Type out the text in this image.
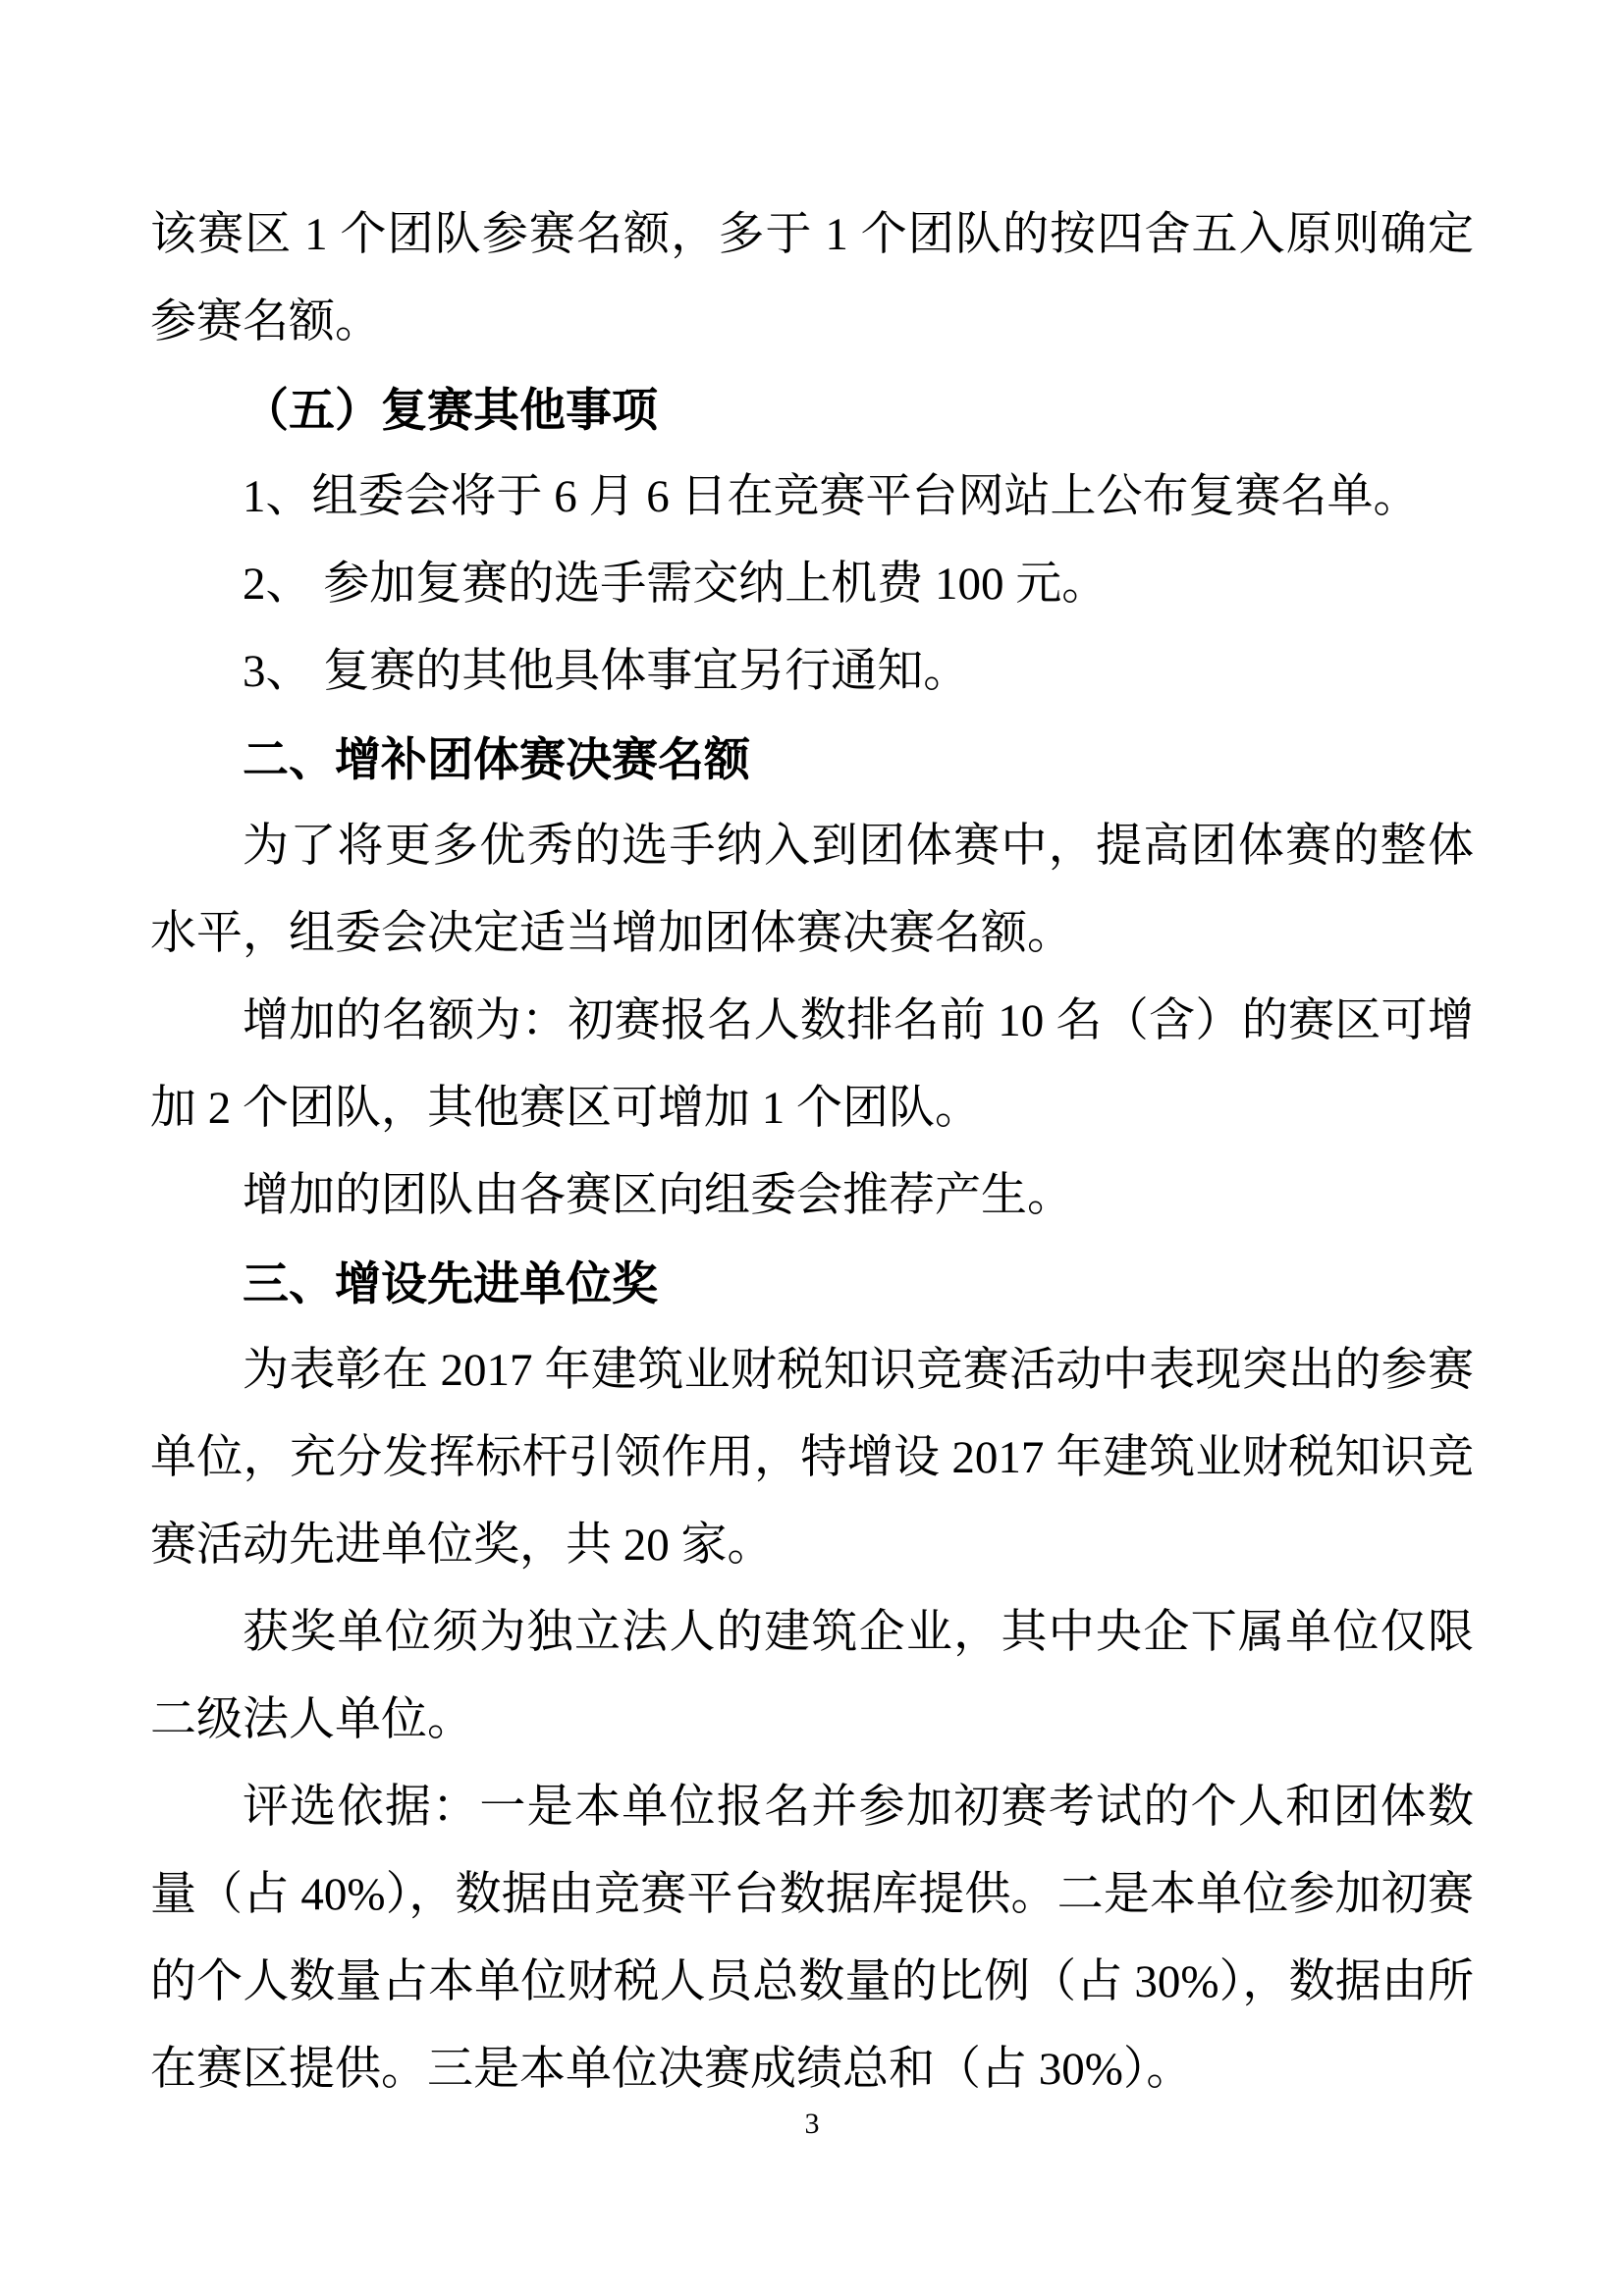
该赛区 1 个团队参赛名额，多于 1 个团队的按四舍五入原则确定参赛名额。

（五）复赛其他事项

1、组委会将于 6 月 6 日在竞赛平台网站上公布复赛名单。

2、 参加复赛的选手需交纳上机费 100 元。

3、 复赛的其他具体事宜另行通知。

二、增补团体赛决赛名额

为了将更多优秀的选手纳入到团体赛中，提高团体赛的整体水平，组委会决定适当增加团体赛决赛名额。

增加的名额为：初赛报名人数排名前 10 名（含）的赛区可增加 2 个团队，其他赛区可增加 1 个团队。

增加的团队由各赛区向组委会推荐产生。

三、增设先进单位奖

为表彰在 2017 年建筑业财税知识竞赛活动中表现突出的参赛单位，充分发挥标杆引领作用，特增设 2017 年建筑业财税知识竞赛活动先进单位奖，共 20 家。

获奖单位须为独立法人的建筑企业，其中央企下属单位仅限二级法人单位。

评选依据：一是本单位报名并参加初赛考试的个人和团体数量（占 40%），数据由竞赛平台数据库提供。二是本单位参加初赛的个人数量占本单位财税人员总数量的比例（占 30%），数据由所在赛区提供。三是本单位决赛成绩总和（占 30%）。

3
